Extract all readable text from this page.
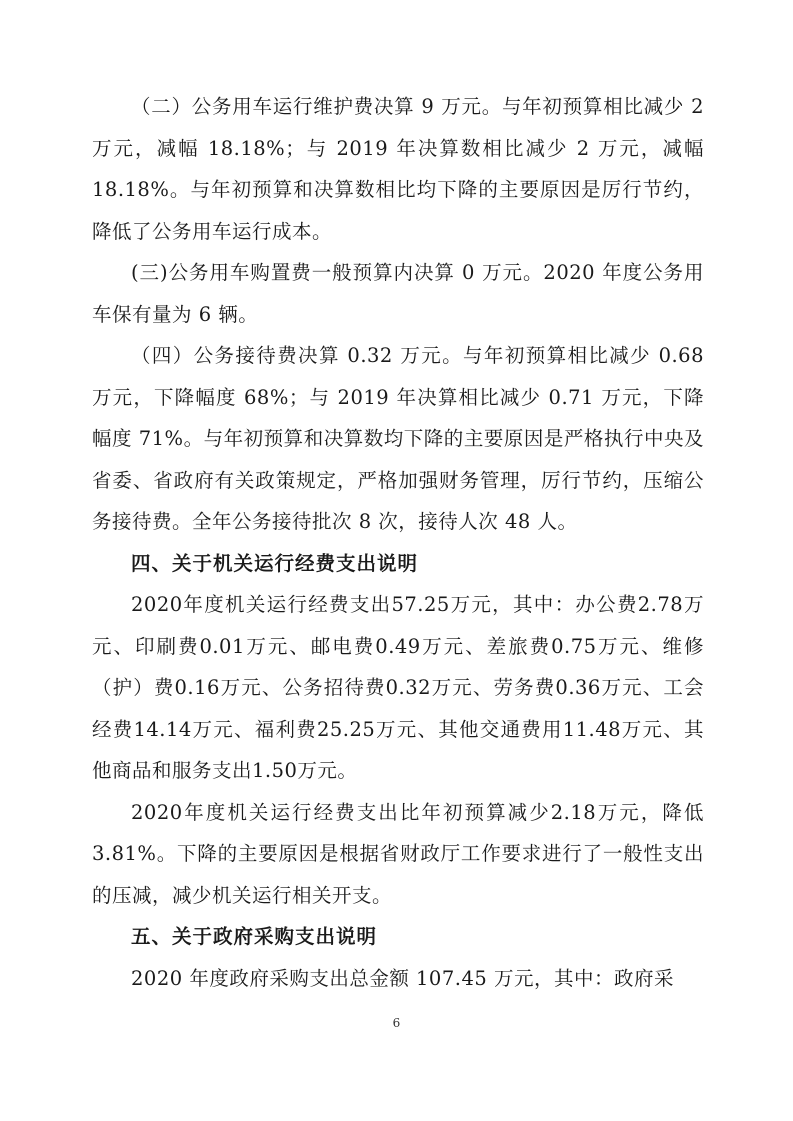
（二）公务用车运行维护费决算 9 万元。与年初预算相比减少 2 万元，减幅 18.18%；与 2019 年决算数相比减少 2 万元，减幅 18.18%。与年初预算和决算数相比均下降的主要原因是厉行节约，降低了公务用车运行成本。

(三)公务用车购置费一般预算内决算 0 万元。2020 年度公务用车保有量为 6 辆。

（四）公务接待费决算 0.32 万元。与年初预算相比减少 0.68 万元，下降幅度 68%；与 2019 年决算相比减少 0.71 万元，下降幅度 71%。与年初预算和决算数均下降的主要原因是严格执行中央及省委、省政府有关政策规定，严格加强财务管理，厉行节约，压缩公务接待费。全年公务接待批次 8 次，接待人次 48 人。

四、关于机关运行经费支出说明

2020年度机关运行经费支出57.25万元，其中：办公费2.78万元、印刷费0.01万元、邮电费0.49万元、差旅费0.75万元、维修（护）费0.16万元、公务招待费0.32万元、劳务费0.36万元、工会经费14.14万元、福利费25.25万元、其他交通费用11.48万元、其他商品和服务支出1.50万元。

2020年度机关运行经费支出比年初预算减少2.18万元，降低3.81%。下降的主要原因是根据省财政厅工作要求进行了一般性支出的压减，减少机关运行相关开支。

五、关于政府采购支出说明

2020 年度政府采购支出总金额 107.45 万元，其中：政府采

6
